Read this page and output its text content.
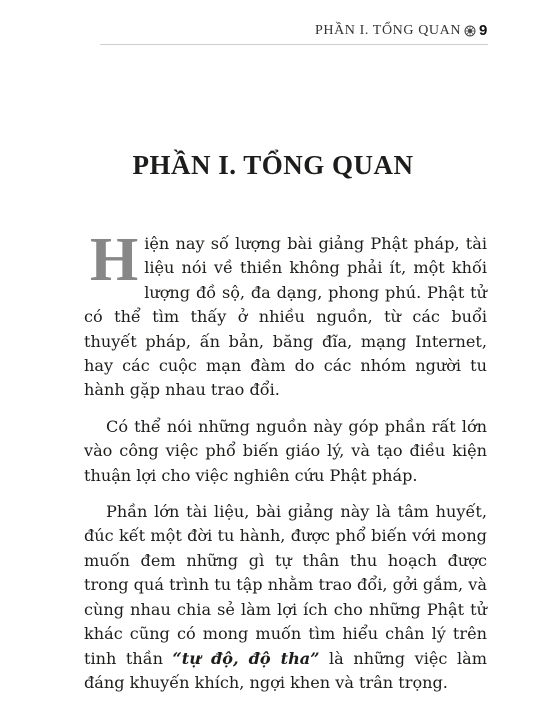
PHẦN I. TỔNG QUAN 9
PHẦN I. TỔNG QUAN

Hiện nay số lượng bài giảng Phật pháp, tài liệu nói về thiền không phải ít, một khối lượng đồ sộ, đa dạng, phong phú. Phật tử có thể tìm thấy ở nhiều nguồn, từ các buổi thuyết pháp, ấn bản, băng đĩa, mạng Internet, hay các cuộc mạn đàm do các nhóm người tu hành gặp nhau trao đổi.

Có thể nói những nguồn này góp phần rất lớn vào công việc phổ biến giáo lý, và tạo điều kiện thuận lợi cho việc nghiên cứu Phật pháp.

Phần lớn tài liệu, bài giảng này là tâm huyết, đúc kết một đời tu hành, được phổ biến với mong muốn đem những gì tự thân thu hoạch được trong quá trình tu tập nhằm trao đổi, gởi gắm, và cùng nhau chia sẻ làm lợi ích cho những Phật tử khác cũng có mong muốn tìm hiểu chân lý trên tinh thần “tự độ, độ tha” là những việc làm đáng khuyến khích, ngợi khen và trân trọng.
